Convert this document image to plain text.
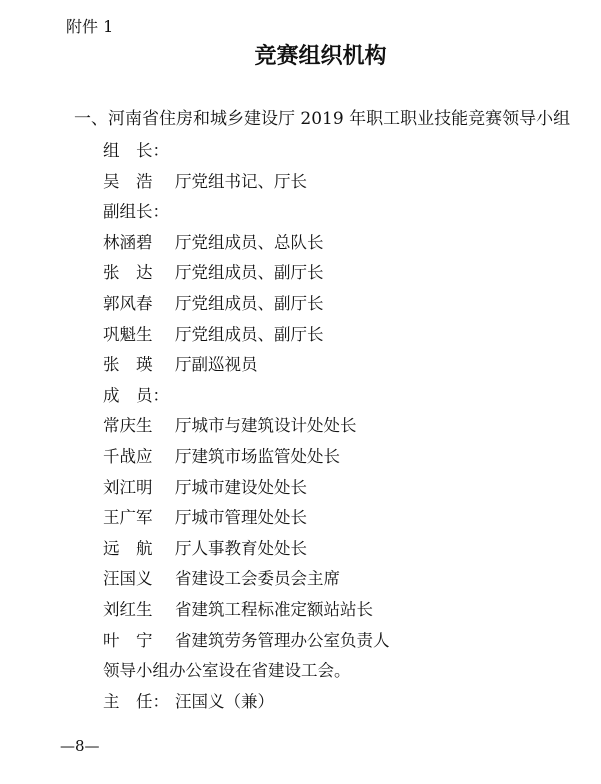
附件 1
竞赛组织机构
一、河南省住房和城乡建设厅 2019 年职工职业技能竞赛领导小组
组　长：
吴　浩 厅党组书记、厅长
副组长：
林涵碧 厅党组成员、总队长
张　达 厅党组成员、副厅长
郭风春 厅党组成员、副厅长
巩魁生 厅党组成员、副厅长
张　瑛 厅副巡视员
成　员：
常庆生 厅城市与建筑设计处处长
千战应 厅建筑市场监管处处长
刘江明 厅城市建设处处长
王广军 厅城市管理处处长
远　航 厅人事教育处处长
汪国义 省建设工会委员会主席
刘红生 省建筑工程标准定额站站长
叶　宁 省建筑劳务管理办公室负责人
领导小组办公室设在省建设工会。
主　任： 汪国义（兼）
—8—
